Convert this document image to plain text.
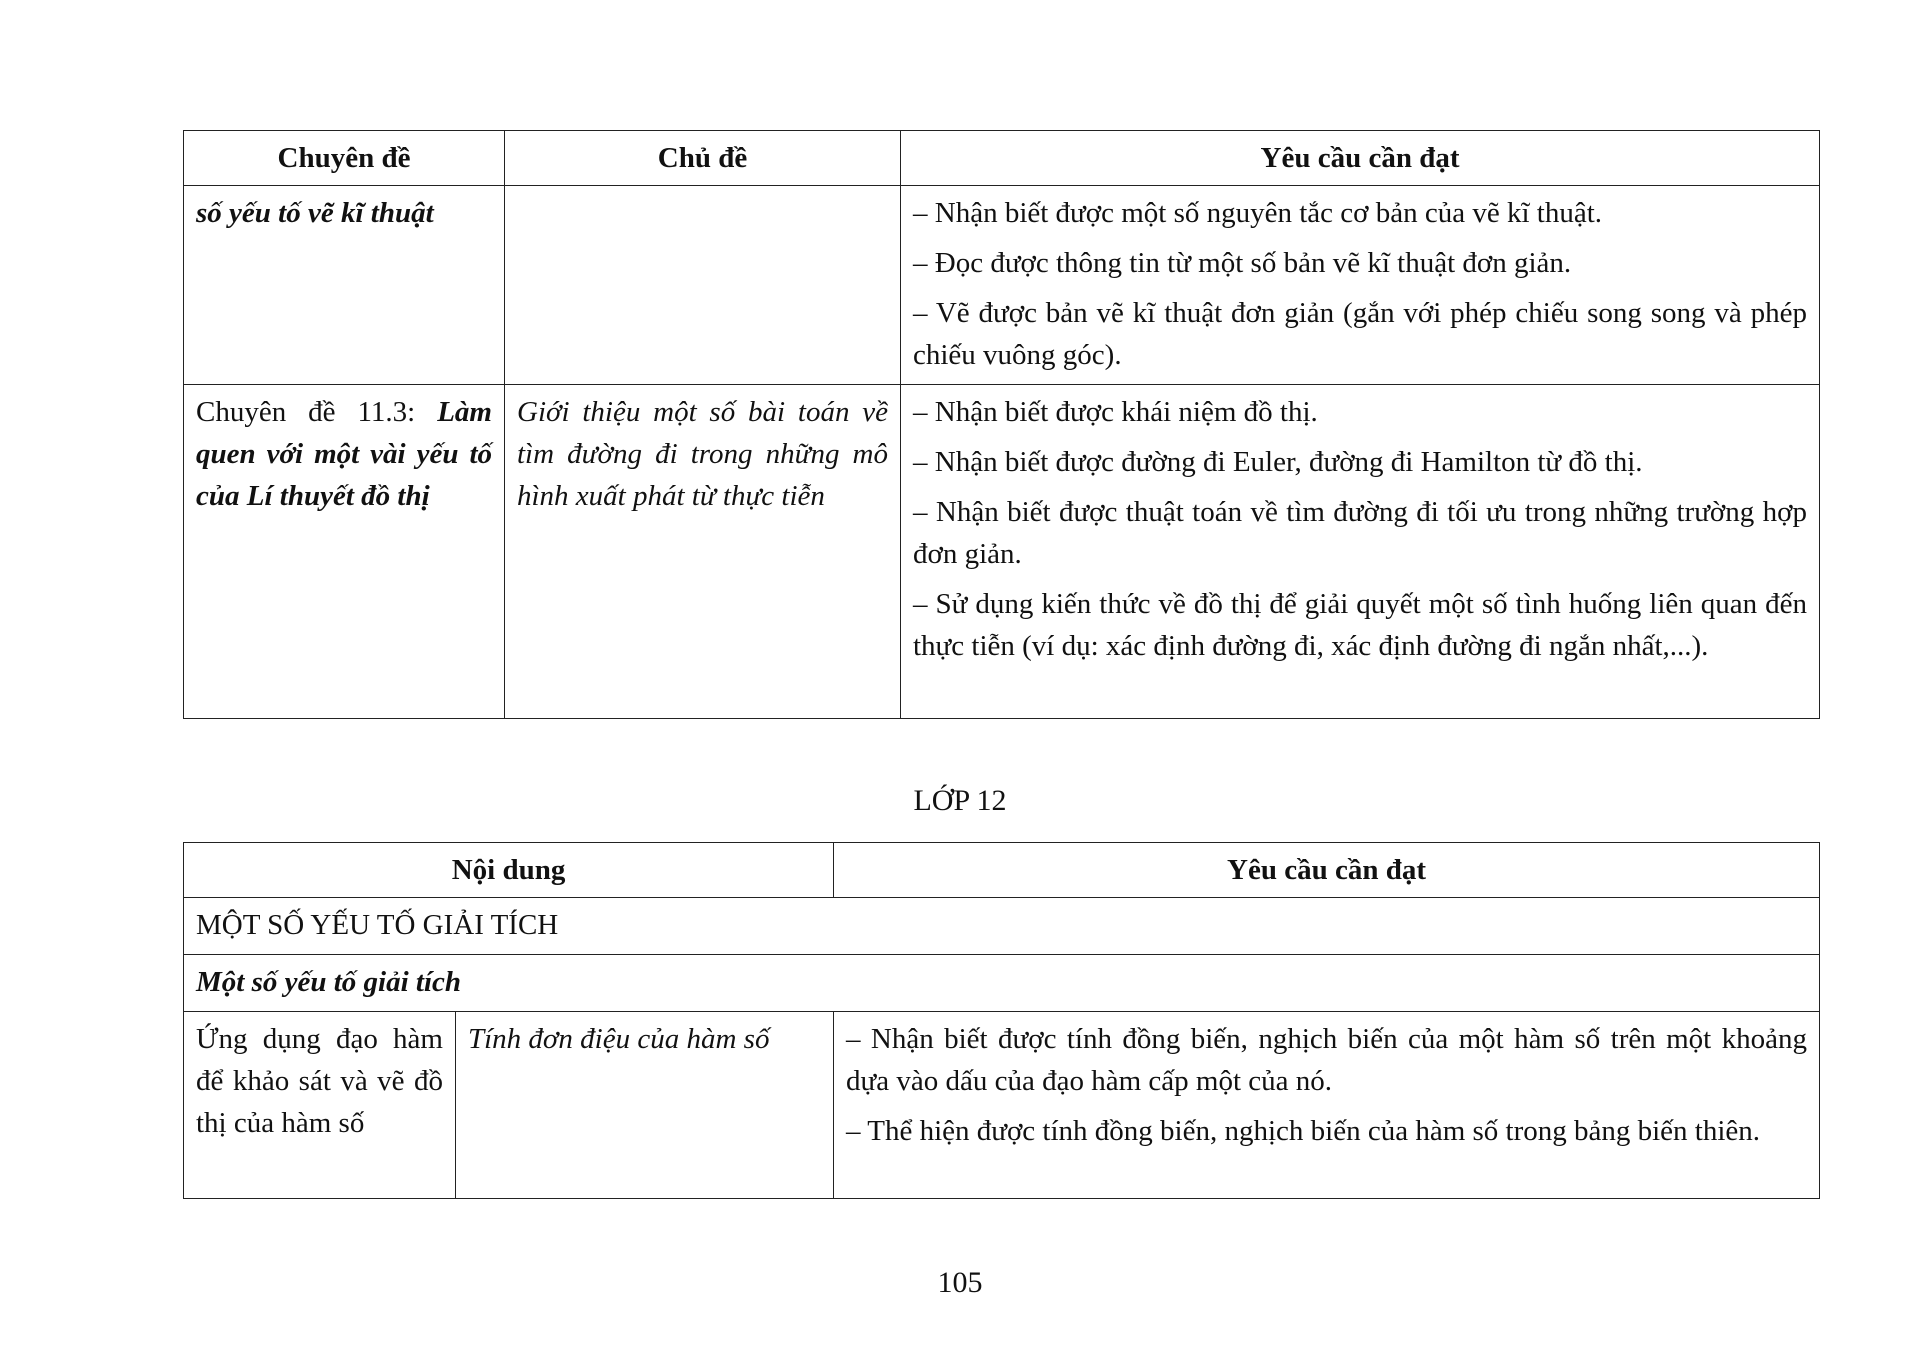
Chuyên đề	Chủ đề	Yêu cầu cần đạt
số yếu tố vẽ kĩ thuật		– Nhận biết được một số nguyên tắc cơ bản của vẽ kĩ thuật.

– Đọc được thông tin từ một số bản vẽ kĩ thuật đơn giản.

– Vẽ được bản vẽ kĩ thuật đơn giản (gắn với phép chiếu song song và phép chiếu vuông góc).

Chuyên đề 11.3: Làm quen với một vài yếu tố của Lí thuyết đồ thị	Giới thiệu một số bài toán về tìm đường đi trong những mô hình xuất phát từ thực tiễn	– Nhận biết được khái niệm đồ thị.

– Nhận biết được đường đi Euler, đường đi Hamilton từ đồ thị.

– Nhận biết được thuật toán về tìm đường đi tối ưu trong những trường hợp đơn giản.

– Sử dụng kiến thức về đồ thị để giải quyết một số tình huống liên quan đến thực tiễn (ví dụ: xác định đường đi, xác định đường đi ngắn nhất,...).

LỚP 12
Nội dung		Yêu cầu cần đạt
MỘT SỐ YẾU TỐ GIẢI TÍCH		
Một số yếu tố giải tích		
Ứng dụng đạo hàm để khảo sát và vẽ đồ thị của hàm số	Tính đơn điệu của hàm số	– Nhận biết được tính đồng biến, nghịch biến của một hàm số trên một khoảng dựa vào dấu của đạo hàm cấp một của nó.

– Thể hiện được tính đồng biến, nghịch biến của hàm số trong bảng biến thiên.

105
